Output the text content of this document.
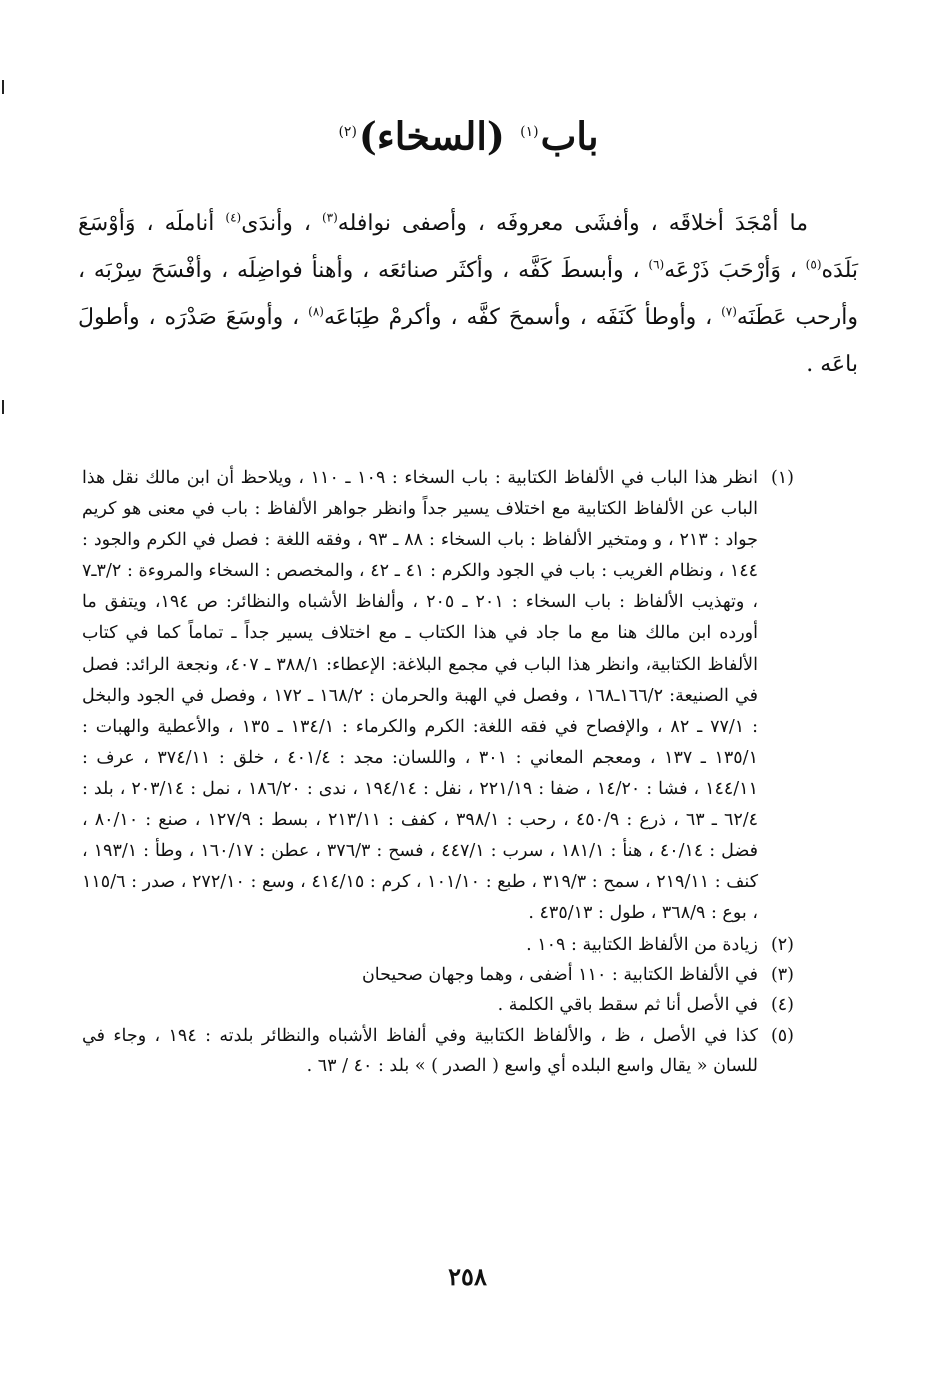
باب$^{(١)}$ (السخاء)$^{(٢)}$

ما أمْجَدَ أخلاقَه ، وأفشَى معروفَه ، وأصفى نوافله$^{(٣)}$ ، وأندَى$^{(٤)}$ أناملَه ، وَأوْسَعَ بَلَدَه$^{(٥)}$ ، وَأرْحَبَ ذَرْعَه$^{(٦)}$ ، وأبسطَ كَفَّه ، وأكثَر صنائعَه ، وأهنأ فواضِلَه ، وأفْسَحَ سِرْبَه ، وأرحب عَطَنَه$^{(٧)}$ ، وأوطأ كَنَفَه ، وأسمحَ كفَّه ، وأكرمْ طِبَاعَه$^{(٨)}$ ، وأوسَعَ صَدْرَه ، وأطولَ باعَه .

(١)
انظر هذا الباب في الألفاظ الكتابية : باب السخاء : ١٠٩ ـ ١١٠ ، ويلاحظ أن ابن مالك نقل هذا الباب عن الألفاظ الكتابية مع اختلاف يسير جداً وانظر جواهر الألفاظ : باب في معنى هو كريم جواد : ٢١٣ ، و ومتخير الألفاظ : باب السخاء : ٨٨ ـ ٩٣ ، وفقه اللغة : فصل في الكرم والجود : ١٤٤ ، ونظام الغريب : باب في الجود والكرم : ٤١ ـ ٤٢ ، والمخصص : السخاء والمروءة : ٣/٢ـ٧ ، وتهذيب الألفاظ : باب السخاء : ٢٠١ ـ ٢٠٥ ، وألفاظ الأشباه والنظائر: ص ١٩٤، ويتفق ما أورده ابن مالك هنا مع ما جاد في هذا الكتاب ـ مع اختلاف يسير جداً ـ تماماً كما في كتاب الألفاظ الكتابية، وانظر هذا الباب في مجمع البلاغة: الإعطاء: ٣٨٨/١ ـ ٤٠٧، ونجعة الرائد: فصل في الصنيعة: ١٦٦/٢ـ١٦٨ ، وفصل في الهبة والحرمان : ١٦٨/٢ ـ ١٧٢ ، وفصل في الجود والبخل : ٧٧/١ ـ ٨٢ ، والإفصاح في فقه اللغة: الكرم والكرماء : ١٣٤/١ ـ ١٣٥ ، والأعطية والهبات : ١٣٥/١ ـ ١٣٧ ، ومعجم المعاني : ٣٠١ ، واللسان: مجد : ٤٠١/٤ ، خلق : ٣٧٤/١١ ، عرف : ١٤٤/١١ ، فشا : ١٤/٢٠ ، ضفا : ٢٢١/١٩ ، نفل : ١٩٤/١٤ ، ندى : ١٨٦/٢٠ ، نمل : ٢٠٣/١٤ ، بلد : ٦٢/٤ ـ ٦٣ ، ذرع : ٤٥٠/٩ ، رحب : ٣٩٨/١ ، كفف : ٢١٣/١١ ، بسط : ١٢٧/٩ ، صنع : ٨٠/١٠ ، فضل : ٤٠/١٤ ، هنأ : ١٨١/١ ، سرب : ٤٤٧/١ ، فسح : ٣٧٦/٣ ، عطن : ١٦٠/١٧ ، وطأ : ١٩٣/١ ، كنف : ٢١٩/١١ ، سمح : ٣١٩/٣ ، طبع : ١٠١/١٠ ، كرم : ٤١٤/١٥ ، وسع : ٢٧٢/١٠ ، صدر : ١١٥/٦ ، بوع : ٣٦٨/٩ ، طول : ٤٣٥/١٣ .

(٢)
زيادة من الألفاظ الكتابية : ١٠٩ .

(٣)
في الألفاظ الكتابية : ١١٠ أضفى ، وهما وجهان صحيحان

(٤)
في الأصل أنا ثم سقط باقي الكلمة .

(٥)
كذا في الأصل ، ظ ، والألفاظ الكتابية وفي ألفاظ الأشباه والنظائر بلدته : ١٩٤ ، وجاء في للسان « يقال واسع البلده أي واسع ( الصدر ) » بلد : ٤٠ / ٦٣ .

٢٥٨
